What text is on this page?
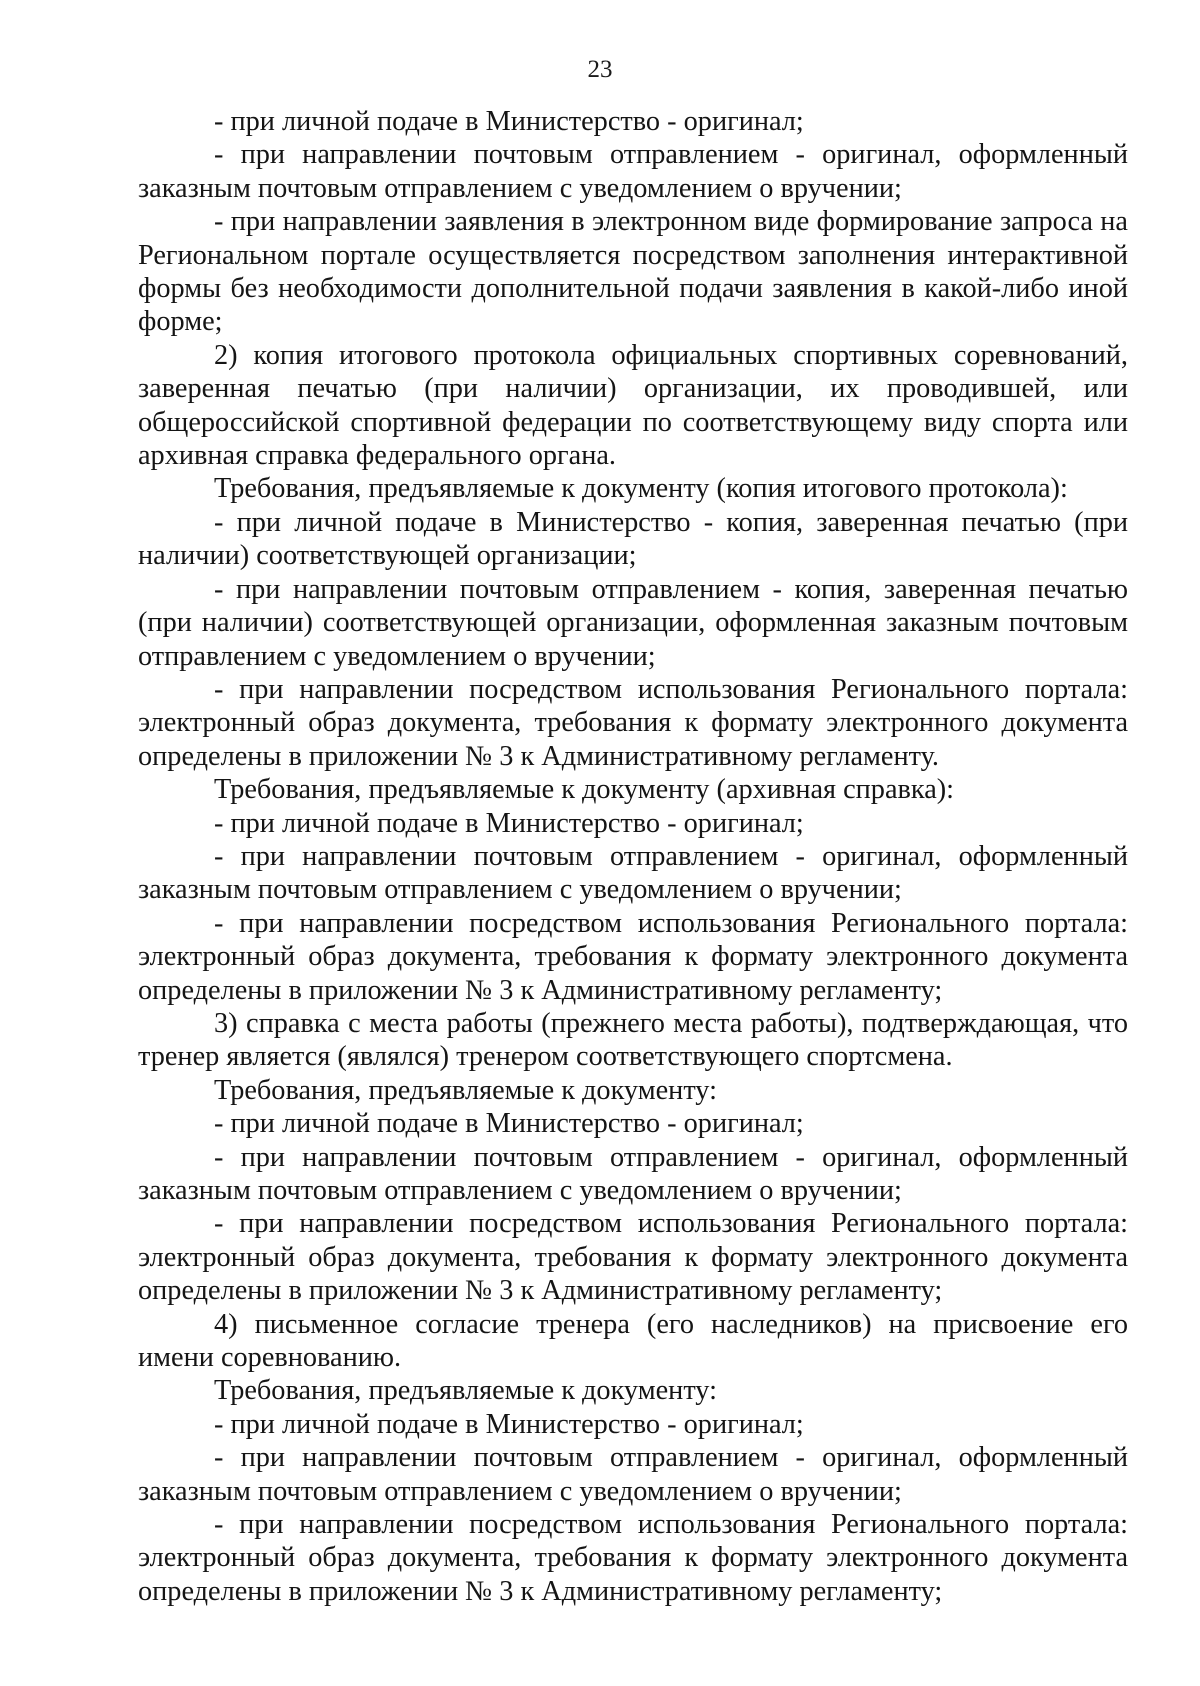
23

- при личной подаче в Министерство - оригинал;

- при направлении почтовым отправлением - оригинал, оформленный заказным почтовым отправлением с уведомлением о вручении;

- при направлении заявления в электронном виде формирование запроса на Региональном портале осуществляется посредством заполнения интерактивной формы без необходимости дополнительной подачи заявления в какой-либо иной форме;

2) копия итогового протокола официальных спортивных соревнований, заверенная печатью (при наличии) организации, их проводившей, или общероссийской спортивной федерации по соответствующему виду спорта или архивная справка федерального органа.

Требования, предъявляемые к документу (копия итогового протокола):

- при личной подаче в Министерство - копия, заверенная печатью (при наличии) соответствующей организации;

- при направлении почтовым отправлением - копия, заверенная печатью (при наличии) соответствующей организации, оформленная заказным почтовым отправлением с уведомлением о вручении;

- при направлении посредством использования Регионального портала: электронный образ документа, требования к формату электронного документа определены в приложении № 3 к Административному регламенту.

Требования, предъявляемые к документу (архивная справка):

- при личной подаче в Министерство - оригинал;

- при направлении почтовым отправлением - оригинал, оформленный заказным почтовым отправлением с уведомлением о вручении;

- при направлении посредством использования Регионального портала: электронный образ документа, требования к формату электронного документа определены в приложении № 3 к Административному регламенту;

3) справка с места работы (прежнего места работы), подтверждающая, что тренер является (являлся) тренером соответствующего спортсмена.

Требования, предъявляемые к документу:

- при личной подаче в Министерство - оригинал;

- при направлении почтовым отправлением - оригинал, оформленный заказным почтовым отправлением с уведомлением о вручении;

- при направлении посредством использования Регионального портала: электронный образ документа, требования к формату электронного документа определены в приложении № 3 к Административному регламенту;

4) письменное согласие тренера (его наследников) на присвоение его имени соревнованию.

Требования, предъявляемые к документу:

- при личной подаче в Министерство - оригинал;

- при направлении почтовым отправлением - оригинал, оформленный заказным почтовым отправлением с уведомлением о вручении;

- при направлении посредством использования Регионального портала: электронный образ документа, требования к формату электронного документа определены в приложении № 3 к Административному регламенту;
